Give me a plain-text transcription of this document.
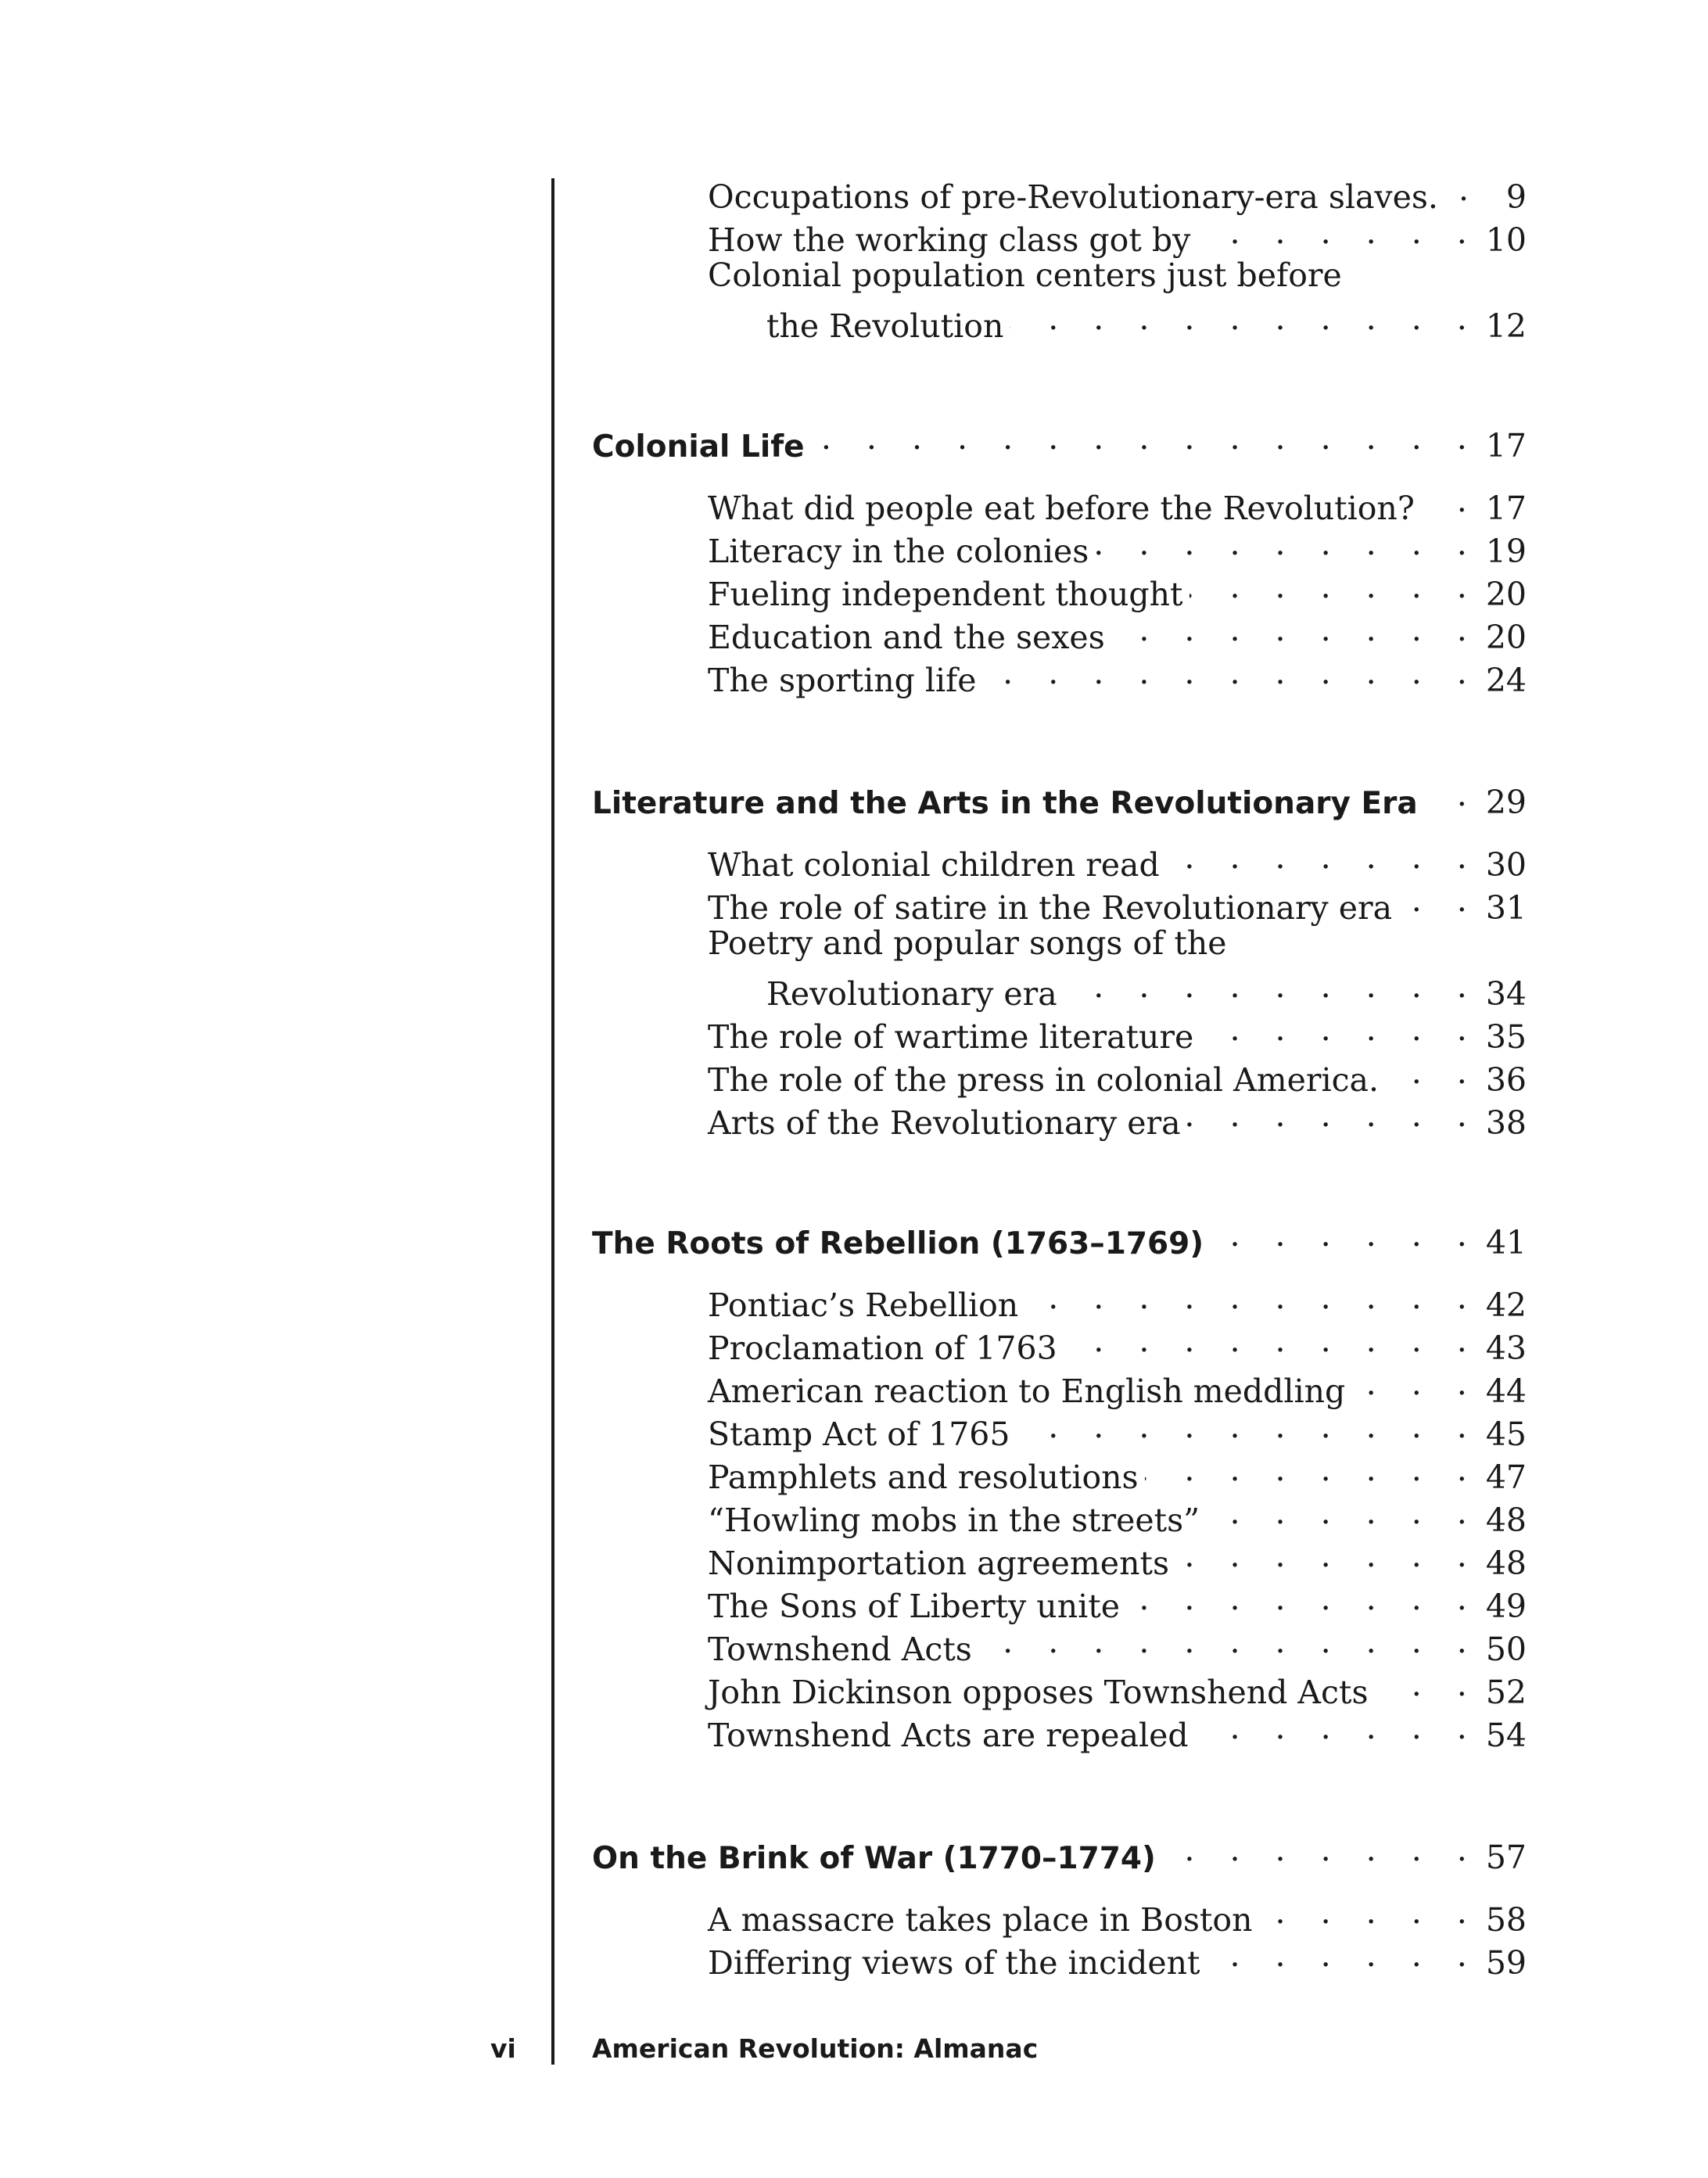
Occupations of pre-Revolutionary-era slaves. . . .	9
How the working class got by . . .	10
Colonial population centers just before
the Revolution . . .	12
Colonial Life . . .	17
What did people eat before the Revolution? . . . 17
Literacy in the colonies . . .	19
Fueling independent thought . . .	20
Education and the sexes . . .	20
The sporting life . . .	24
Literature and the Arts in the Revolutionary Era . . . 29
What colonial children read . . .	30
The role of satire in the Revolutionary era . . .	31
Poetry and popular songs of the
Revolutionary era . . .	34
The role of wartime literature . . .	35
The role of the press in colonial America. . . .	36
Arts of the Revolutionary era . . .	38
The Roots of Rebellion (1763–1769) . . .	41
Pontiac’s Rebellion . . .	42
Proclamation of 1763 . . .	43
American reaction to English meddling . . .	44
Stamp Act of 1765 . . .	45
Pamphlets and resolutions . . .	47
“Howling mobs in the streets” . . .	48
Nonimportation agreements . . .	48
The Sons of Liberty unite . . .	49
Townshend Acts . . .	50
John Dickinson opposes Townshend Acts . . .	52
Townshend Acts are repealed . . .	54
On the Brink of War (1770–1774) . . .	57
A massacre takes place in Boston . . .	58
Differing views of the incident . . .	59
vi	American Revolution: Almanac
